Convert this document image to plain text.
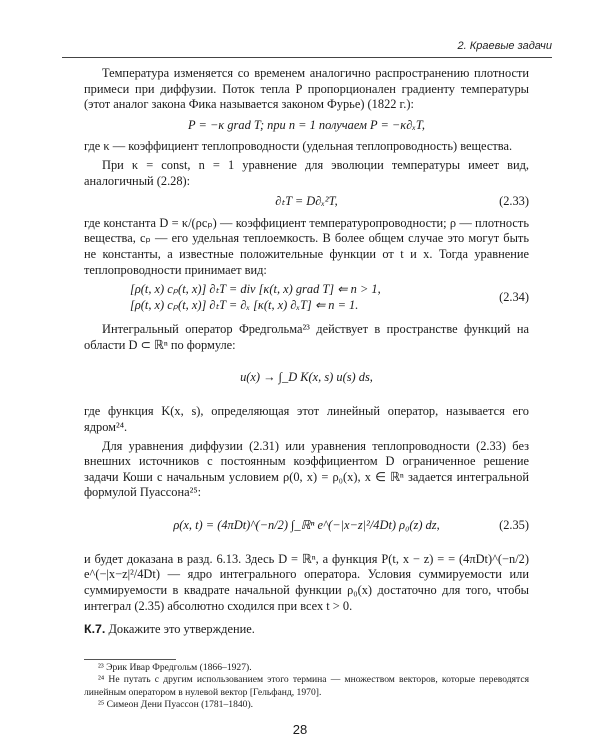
2. Краевые задачи

Температура изменяется со временем аналогично распространению плотности примеси при диффузии. Поток тепла P пропорционален градиенту температуры (этот аналог закона Фика называется законом Фурье) (1822 г.):

P = −κ grad T; при n = 1 получаем P = −κ∂ₓT,

где κ — коэффициент теплопроводности (удельная теплопроводность) вещества.

При κ = const, n = 1 уравнение для эволюции температуры имеет вид, аналогичный (2.28):

∂ₜT = D∂ₓ²T,	(2.33)

где константа D = κ/(ρcₚ) — коэффициент температуропроводности; ρ — плотность вещества, cₚ — его удельная теплоемкость. В более общем случае это могут быть не константы, а известные положительные функции от t и x. Тогда уравнение теплопроводности принимает вид:

[ρ(t, x) cₚ(t, x)] ∂ₜT = div [κ(t, x) grad T] ⇐ n > 1,
[ρ(t, x) cₚ(t, x)] ∂ₜT = ∂ₓ [κ(t, x) ∂ₓT] ⇐ n = 1.
(2.34)

Интегральный оператор Фредгольма²³ действует в пространстве функций на области D ⊂ ℝⁿ по формуле:

u(x) → ∫_D K(x, s) u(s) ds,

где функция K(x, s), определяющая этот линейный оператор, называется его ядром²⁴.

Для уравнения диффузии (2.31) или уравнения теплопроводности (2.33) без внешних источников с постоянным коэффициентом D ограниченное решение задачи Коши с начальным условием ρ(0, x) = ρ₀(x), x ∈ ℝⁿ задается интегральной формулой Пуассона²⁵:

ρ(x, t) = (4πDt)^(−n/2) ∫_ℝⁿ e^(−|x−z|²/4Dt) ρ₀(z) dz,	(2.35)

и будет доказана в разд. 6.13. Здесь D = ℝⁿ, а функция P(t, x − z) = = (4πDt)^(−n/2) e^(−|x−z|²/4Dt) — ядро интегрального оператора. Условия суммируемости или суммируемости в квадрате начальной функции ρ₀(x) достаточно для того, чтобы интеграл (2.35) абсолютно сходился при всех t > 0.

К.7. Докажите это утверждение.

²³ Эрик Ивар Фредгольм (1866–1927).

²⁴ Не путать с другим использованием этого термина — множеством векторов, которые переводятся линейным оператором в нулевой вектор [Гельфанд, 1970].

²⁵ Симеон Дени Пуассон (1781–1840).

28
